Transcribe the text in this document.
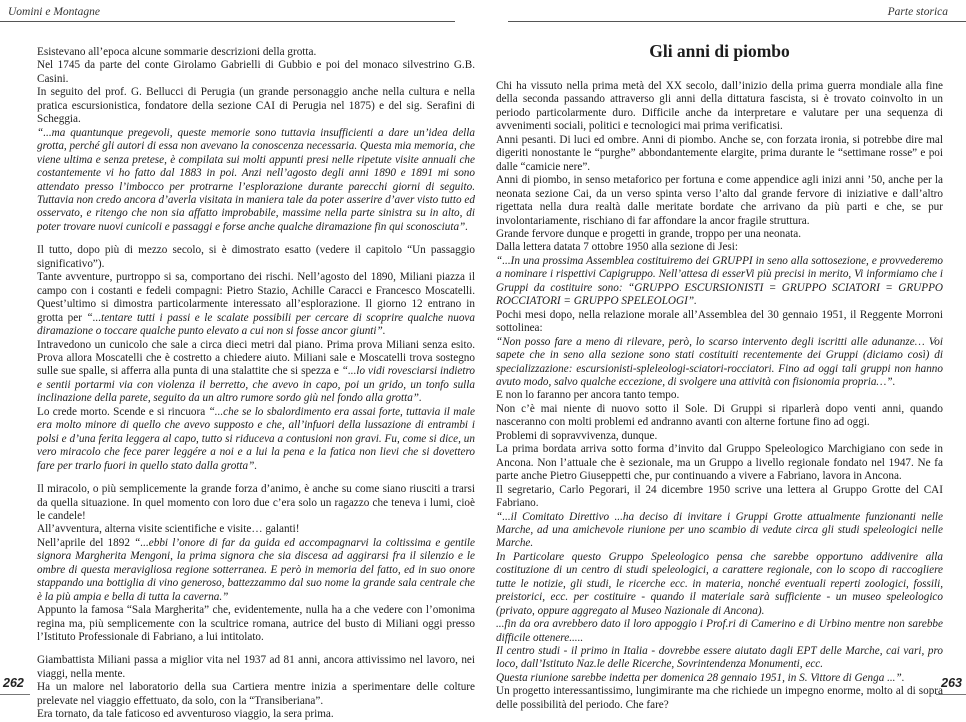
Uomini e Montagne

Esistevano all’epoca alcune sommarie descrizioni della grotta.

Nel 1745 da parte del conte Girolamo Gabrielli di Gubbio e poi del monaco silvestrino G.B. Casini.

In seguito del prof. G. Bellucci di Perugia (un grande personaggio anche nella cultura e nella pratica escursionistica, fondatore della sezione CAI di Perugia nel 1875) e del sig. Serafini di Scheggia.

“...ma quantunque pregevoli, queste memorie sono tuttavia insufficienti a dare un’idea della grotta, perché gli autori di essa non avevano la conoscenza necessaria. Questa mia memoria, che viene ultima e senza pretese, è compilata sui molti appunti presi nelle ripetute visite annuali che costantemente vi ho fatto dal 1883 in poi. Anzi nell’agosto degli anni 1890 e 1891 mi sono attendato presso l’imbocco per protrarne l’esplorazione durante parecchi giorni di seguito. Tuttavia non credo ancora d’averla visitata in maniera tale da poter asserire d’aver visto tutto ed osservato, e ritengo che non sia affatto improbabile, massime nella parte sinistra su in alto, di poter trovare nuovi cunicoli e passaggi e forse anche qualche diramazione fin qui sconosciuta”.

Il tutto, dopo più di mezzo secolo, si è dimostrato esatto (vedere il capitolo “Un passaggio significativo”).

Tante avventure, purtroppo si sa, comportano dei rischi. Nell’agosto del 1890, Miliani piazza il campo con i costanti e fedeli compagni: Pietro Stazio, Achille Caracci e Francesco Moscatelli. Quest’ultimo si dimostra particolarmente interessato all’esplorazione. Il giorno 12 entrano in grotta per “...tentare tutti i passi e le scalate possibili per cercare di scoprire qualche nuova diramazione o toccare qualche punto elevato a cui non si fosse ancor giunti”.

Intravedono un cunicolo che sale a circa dieci metri dal piano. Prima prova Miliani senza esito. Prova allora Moscatelli che è costretto a chiedere aiuto. Miliani sale e Moscatelli trova sostegno sulle sue spalle, si afferra alla punta di una stalattite che si spezza e “...lo vidi rovesciarsi indietro e sentii portarmi via con violenza il berretto, che avevo in capo, poi un grido, un tonfo sulla inclinazione della parete, seguito da un altro rumore sordo giù nel fondo alla grotta”.

Lo crede morto. Scende e si rincuora “...che se lo sbalordimento era assai forte, tuttavia il male era molto minore di quello che avevo supposto e che, all’infuori della lussazione di entrambi i polsi e d’una ferita leggera al capo, tutto si riduceva a contusioni non gravi. Fu, come si dice, un vero miracolo che fece parer leggére a noi e a lui la pena e la fatica non lievi che si dovettero fare per trarlo fuori in quello stato dalla grotta”.

Il miracolo, o più semplicemente la grande forza d’animo, è anche su come siano riusciti a trarsi da quella situazione. In quel momento con loro due c’era solo un ragazzo che teneva i lumi, cioè le candele!

All’avventura, alterna visite scientifiche e visite… galanti!

Nell’aprile del 1892 “...ebbi l’onore di far da guida ed accompagnarvi la coltissima e gentile signora Margherita Mengoni, la prima signora che sia discesa ad aggirarsi fra il silenzio e le ombre di questa meravigliosa regione sotterranea. E però in memoria del fatto, ed in suo onore stappando una bottiglia di vino generoso, battezzammo dal suo nome la grande sala centrale che è la più ampia e bella di tutta la caverna.”

Appunto la famosa “Sala Margherita” che, evidentemente, nulla ha a che vedere con l’omonima regina ma, più semplicemente con la scultrice romana, autrice del busto di Miliani oggi presso l’Istituto Professionale di Fabriano, a lui intitolato.

Giambattista Miliani passa a miglior vita nel 1937 ad 81 anni, ancora attivissimo nel lavoro, nei viaggi, nella mente.

Ha un malore nel laboratorio della sua Cartiera mentre inizia a sperimentare delle colture prelevate nel viaggio effettuato, da solo, con la “Transiberiana”.

Era tornato, da tale faticoso ed avventuroso viaggio, la sera prima.

262
Parte storica
Gli anni di piombo

Chi ha vissuto nella prima metà del XX secolo, dall’inizio della prima guerra mondiale alla fine della seconda passando attraverso gli anni della dittatura fascista, si è trovato coinvolto in un periodo particolarmente duro. Difficile anche da interpretare e valutare per una sequenza di avvenimenti sociali, politici e tecnologici mai prima verificatisi.

Anni pesanti. Di luci ed ombre. Anni di piombo. Anche se, con forzata ironia, si potrebbe dire mal digeriti nonostante le “purghe” abbondantemente elargite, prima durante le “settimane rosse” e poi dalle “camicie nere”.

Anni di piombo, in senso metaforico per fortuna e come appendice agli inizi anni ’50, anche per la neonata sezione Cai, da un verso spinta verso l’alto dal grande fervore di iniziative e dall’altro rigettata nella dura realtà dalle meritate bordate che arrivano da più parti e che, se pur involontariamente, rischiano di far affondare la ancor fragile struttura.

Grande fervore dunque e progetti in grande, troppo per una neonata.

Dalla lettera datata 7 ottobre 1950 alla sezione di Jesi:

“...In una prossima Assemblea costituiremo dei GRUPPI in seno alla sottosezione, e provvederemo a nominare i rispettivi Capigruppo. Nell’attesa di esserVi più precisi in merito, Vi informiamo che i Gruppi da costituire sono: “GRUPPO ESCURSIONISTI = GRUPPO SCIATORI = GRUPPO ROCCIATORI = GRUPPO SPELEOLOGI”.

Pochi mesi dopo, nella relazione morale all’Assemblea del 30 gennaio 1951, il Reggente Morroni sottolinea:

“Non posso fare a meno di rilevare, però, lo scarso intervento degli iscritti alle adunanze… Voi sapete che in seno alla sezione sono stati costituiti recentemente dei Gruppi (diciamo così) di specializzazione: escursionisti-spleleologi-sciatori-rocciatori. Fino ad oggi tali gruppi non hanno avuto modo, salvo qualche eccezione, di svolgere una attività con fisionomia propria…”.

E non lo faranno per ancora tanto tempo.

Non c’è mai niente di nuovo sotto il Sole. Di Gruppi si riparlerà dopo venti anni, quando nasceranno con molti problemi ed andranno avanti con alterne fortune fino ad oggi.

Problemi di sopravvivenza, dunque.

La prima bordata arriva sotto forma d’invito dal Gruppo Speleologico Marchigiano con sede in Ancona. Non l’attuale che è sezionale, ma un Gruppo a livello regionale fondato nel 1947. Ne fa parte anche Pietro Giuseppetti che, pur continuando a vivere a Fabriano, lavora in Ancona.

Il segretario, Carlo Pegorari, il 24 dicembre 1950 scrive una lettera al Gruppo Grotte del CAI Fabriano.

“...il Comitato Direttivo ...ha deciso di invitare i Gruppi Grotte attualmente funzionanti nelle Marche, ad una amichevole riunione per uno scambio di vedute circa gli studi speleologici nelle Marche.

In Particolare questo Gruppo Speleologico pensa che sarebbe opportuno addivenire alla costituzione di un centro di studi speleologici, a carattere regionale, con lo scopo di raccogliere tutte le notizie, gli studi, le ricerche ecc. in materia, nonché eventuali reperti zoologici, fossili, preistorici, ecc. per costituire - quando il materiale sarà sufficiente - un museo speleologico (privato, oppure aggregato al Museo Nazionale di Ancona).

...fin da ora avrebbero dato il loro appoggio i Prof.ri di Camerino e di Urbino mentre non sarebbe difficile ottenere.....

Il centro studi - il primo in Italia - dovrebbe essere aiutato dagli EPT delle Marche, cai vari, pro loco, dall’Istituto Naz.le delle Ricerche, Sovrintendenza Monumenti, ecc.

Questa riunione sarebbe indetta per domenica 28 gennaio 1951, in S. Vittore di Genga ...”.

Un progetto interessantissimo, lungimirante ma che richiede un impegno enorme, molto al di sopra delle possibilità del periodo. Che fare?

263
